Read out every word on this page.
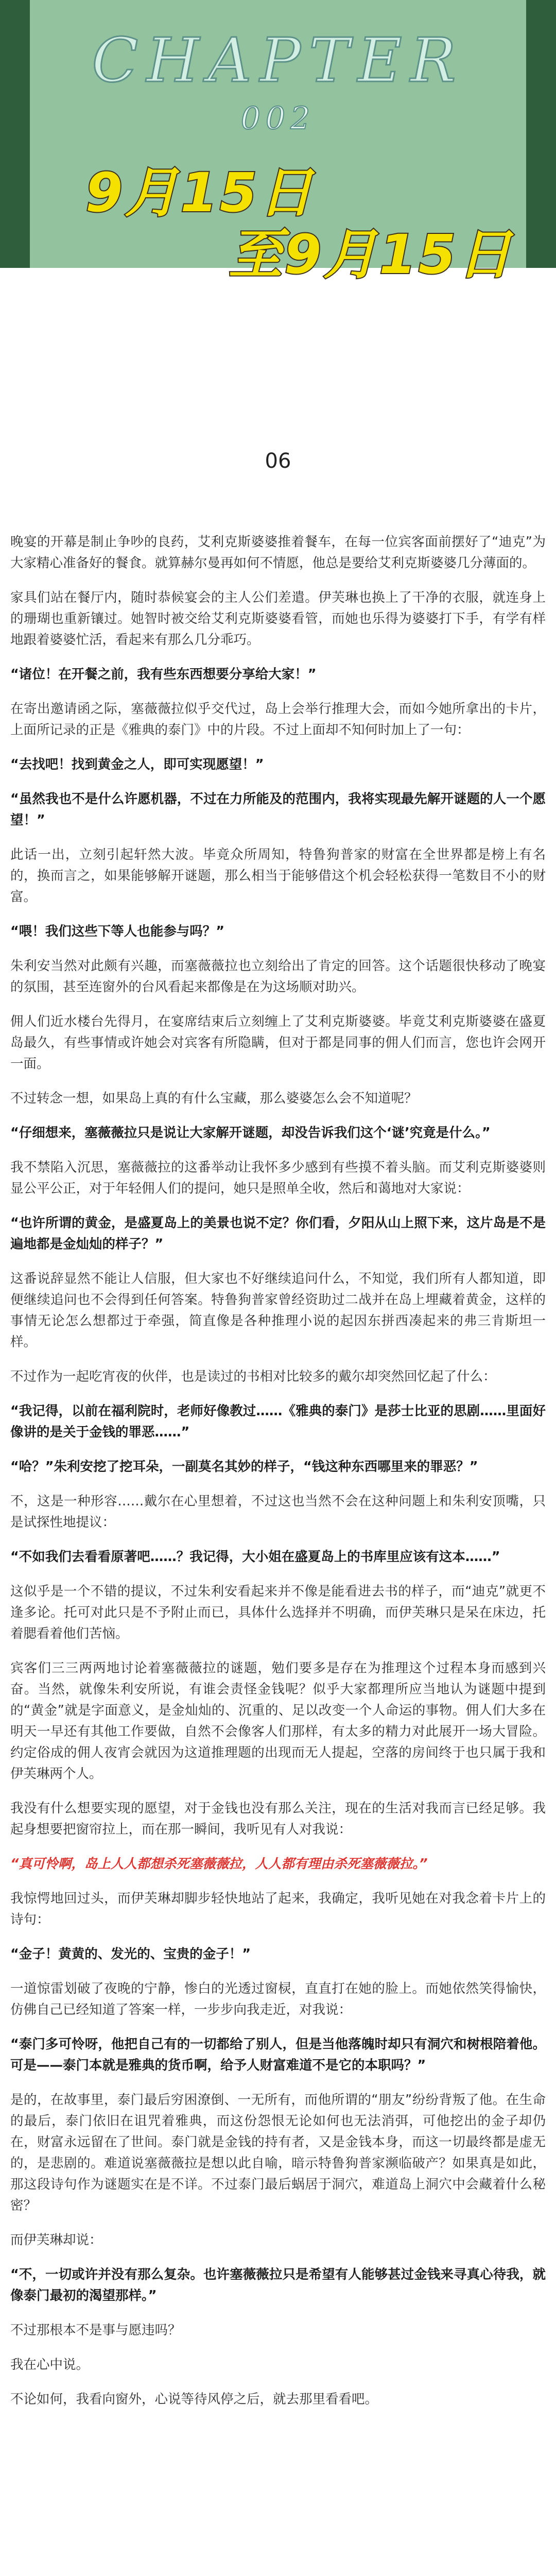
CHAPTER
002
9月15日
至9月15日
06

晚宴的开幕是制止争吵的良药，艾利克斯婆婆推着餐车，在每一位宾客面前摆好了“迪克”为大家精心准备好的餐食。就算赫尔曼再如何不情愿，他总是要给艾利克斯婆婆几分薄面的。

家具们站在餐厅内，随时恭候宴会的主人公们差遣。伊芙琳也换上了干净的衣服，就连身上的珊瑚也重新镶过。她智时被交给艾利克斯婆婆看管，而她也乐得为婆婆打下手，有学有样地跟着婆婆忙活，看起来有那么几分乖巧。

“诸位！在开餐之前，我有些东西想要分享给大家！”

在寄出邀请函之际，塞薇薇拉似乎交代过，岛上会举行推理大会，而如今她所拿出的卡片，上面所记录的正是《雅典的泰门》中的片段。不过上面却不知何时加上了一句：

“去找吧！找到黄金之人，即可实现愿望！”

“虽然我也不是什么许愿机器，不过在力所能及的范围内，我将实现最先解开谜题的人一个愿望！”

此话一出，立刻引起轩然大波。毕竟众所周知，特鲁狗普家的财富在全世界都是榜上有名的，换而言之，如果能够解开谜题，那么相当于能够借这个机会轻松获得一笔数目不小的财富。

“喂！我们这些下等人也能参与吗？”

朱利安当然对此颇有兴趣，而塞薇薇拉也立刻给出了肯定的回答。这个话题很快移动了晚宴的氛围，甚至连窗外的台风看起来都像是在为这场顺对助兴。

佣人们近水楼台先得月，在宴席结束后立刻缠上了艾利克斯婆婆。毕竟艾利克斯婆婆在盛夏岛最久，有些事情或许她会对宾客有所隐瞒，但对于都是同事的佣人们而言，您也许会网开一面。

不过转念一想，如果岛上真的有什么宝藏，那么婆婆怎么会不知道呢？

“仔细想来，塞薇薇拉只是说让大家解开谜题，却没告诉我们这个‘谜’究竟是什么。”

我不禁陷入沉思，塞薇薇拉的这番举动让我怀多少感到有些摸不着头脑。而艾利克斯婆婆则显公平公正，对于年轻佣人们的提问，她只是照单全收，然后和蔼地对大家说：

“也许所谓的黄金，是盛夏岛上的美景也说不定？你们看，夕阳从山上照下来，这片岛是不是遍地都是金灿灿的样子？”

这番说辞显然不能让人信服，但大家也不好继续追问什么，不知觉，我们所有人都知道，即便继续追问也不会得到任何答案。特鲁狗普家曾经资助过二战并在岛上埋藏着黄金，这样的事情无论怎么想都过于牵强，简直像是各种推理小说的起因东拼西凑起来的弗三肯斯坦一样。

不过作为一起吃宵夜的伙伴，也是读过的书相对比较多的戴尔却突然回忆起了什么：

“我记得，以前在福利院时，老师好像教过……《雅典的泰门》是莎士比亚的思剧……里面好像讲的是关于金钱的罪恶……”

“哈？”朱利安挖了挖耳朵，一副莫名其妙的样子，“钱这种东西哪里来的罪恶？”

不，这是一种形容……戴尔在心里想着，不过这也当然不会在这种问题上和朱利安顶嘴，只是试探性地提议：

“不如我们去看看原著吧……？我记得，大小姐在盛夏岛上的书库里应该有这本……”

这似乎是一个不错的提议，不过朱利安看起来并不像是能看进去书的样子，而“迪克”就更不逢多论。托可对此只是不予附止而已，具体什么选择并不明确，而伊芙琳只是呆在床边，托着腮看着他们苦恼。

宾客们三三两两地讨论着塞薇薇拉的谜题，勉们要多是存在为推理这个过程本身而感到兴奋。当然，就像朱利安所说，有谁会责怪金钱呢？似乎大家都理所应当地认为谜题中提到的“黄金”就是字面意义，是金灿灿的、沉重的、足以改变一个人命运的事物。佣人们大多在明天一早还有其他工作要做，自然不会像客人们那样，有太多的精力对此展开一场大冒险。约定俗成的佣人夜宵会就因为这道推理题的出现而无人提起，空落的房间终于也只属于我和伊芙琳两个人。

我没有什么想要实现的愿望，对于金钱也没有那么关注，现在的生活对我而言已经足够。我起身想要把窗帘拉上，而在那一瞬间，我听见有人对我说：

“真可怜啊，岛上人人都想杀死塞薇薇拉，人人都有理由杀死塞薇薇拉。”

我惊愕地回过头，而伊芙琳却脚步轻快地站了起来，我确定，我听见她在对我念着卡片上的诗句：

“金子！黄黄的、发光的、宝贵的金子！”

一道惊雷划破了夜晚的宁静，惨白的光透过窗棂，直直打在她的脸上。而她依然笑得愉快，仿佛自己已经知道了答案一样，一步步向我走近，对我说：

“泰门多可怜呀，他把自己有的一切都给了别人，但是当他落魄时却只有洞穴和树根陪着他。可是——泰门本就是雅典的货币啊，给予人财富难道不是它的本职吗？”

是的，在故事里，泰门最后穷困潦倒、一无所有，而他所谓的“朋友”纷纷背叛了他。在生命的最后，泰门依旧在诅咒着雅典，而这份怨恨无论如何也无法消弭，可他挖出的金子却仍在，财富永远留在了世间。泰门就是金钱的持有者，又是金钱本身，而这一切最终都是虚无的，是悲剧的。难道说塞薇薇拉是想以此自喻，暗示特鲁狗普家濒临破产？如果真是如此，那这段诗句作为谜题实在是不详。不过泰门最后蜗居于洞穴，难道岛上洞穴中会藏着什么秘密？

而伊芙琳却说：

“不，一切或许并没有那么复杂。也许塞薇薇拉只是希望有人能够甚过金钱来寻真心待我，就像泰门最初的渴望那样。”

不过那根本不是事与愿违吗？

我在心中说。

不论如何，我看向窗外，心说等待风停之后，就去那里看看吧。
